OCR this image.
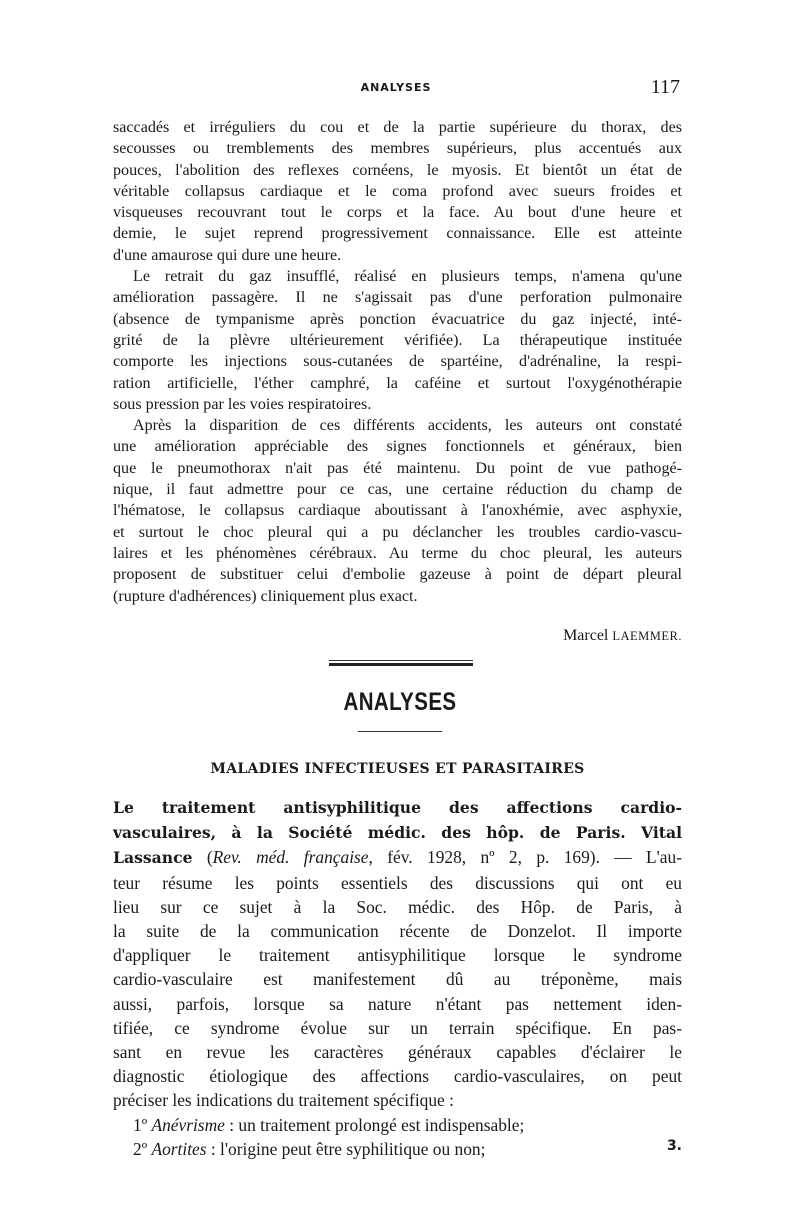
ANALYSES	117
saccadés et irréguliers du cou et de la partie supérieure du thorax, des
secousses ou tremblements des membres supérieurs, plus accentués aux
pouces, l'abolition des reflexes cornéens, le myosis. Et bientôt un état de
véritable collapsus cardiaque et le coma profond avec sueurs froides et
visqueuses recouvrant tout le corps et la face. Au bout d'une heure et
demie, le sujet reprend progressivement connaissance. Elle est atteinte
d'une amaurose qui dure une heure.
Le retrait du gaz insufflé, réalisé en plusieurs temps, n'amena qu'une
amélioration passagère. Il ne s'agissait pas d'une perforation pulmonaire
(absence de tympanisme après ponction évacuatrice du gaz injecté, inté-
grité de la plèvre ultérieurement vérifiée). La thérapeutique instituée
comporte les injections sous-cutanées de spartéine, d'adrénaline, la respi-
ration artificielle, l'éther camphré, la caféine et surtout l'oxygénothérapie
sous pression par les voies respiratoires.
Après la disparition de ces différents accidents, les auteurs ont constaté
une amélioration appréciable des signes fonctionnels et généraux, bien
que le pneumothorax n'ait pas été maintenu. Du point de vue pathogé-
nique, il faut admettre pour ce cas, une certaine réduction du champ de
l'hématose, le collapsus cardiaque aboutissant à l'anoxhémie, avec asphyxie,
et surtout le choc pleural qui a pu déclancher les troubles cardio-vascu-
laires et les phénomènes cérébraux. Au terme du choc pleural, les auteurs
proposent de substituer celui d'embolie gazeuse à point de départ pleural
(rupture d'adhérences) cliniquement plus exact.
Marcel LAEMMER.
ANALYSES
MALADIES INFECTIEUSES ET PARASITAIRES
Le traitement antisyphilitique des affections cardio-
vasculaires, à la Société médic. des hôp. de Paris. Vital
Lassance (Rev. méd. française, fév. 1928, nº 2, p. 169). — L'au-
teur résume les points essentiels des discussions qui ont eu
lieu sur ce sujet à la Soc. médic. des Hôp. de Paris, à
la suite de la communication récente de Donzelot. Il importe
d'appliquer le traitement antisyphilitique lorsque le syndrome
cardio-vasculaire est manifestement dû au tréponème, mais
aussi, parfois, lorsque sa nature n'étant pas nettement iden-
tifiée, ce syndrome évolue sur un terrain spécifique. En pas-
sant en revue les caractères généraux capables d'éclairer le
diagnostic étiologique des affections cardio-vasculaires, on peut
préciser les indications du traitement spécifique :
1º Anévrisme : un traitement prolongé est indispensable;
2º Aortites : l'origine peut être syphilitique ou non;	3.
